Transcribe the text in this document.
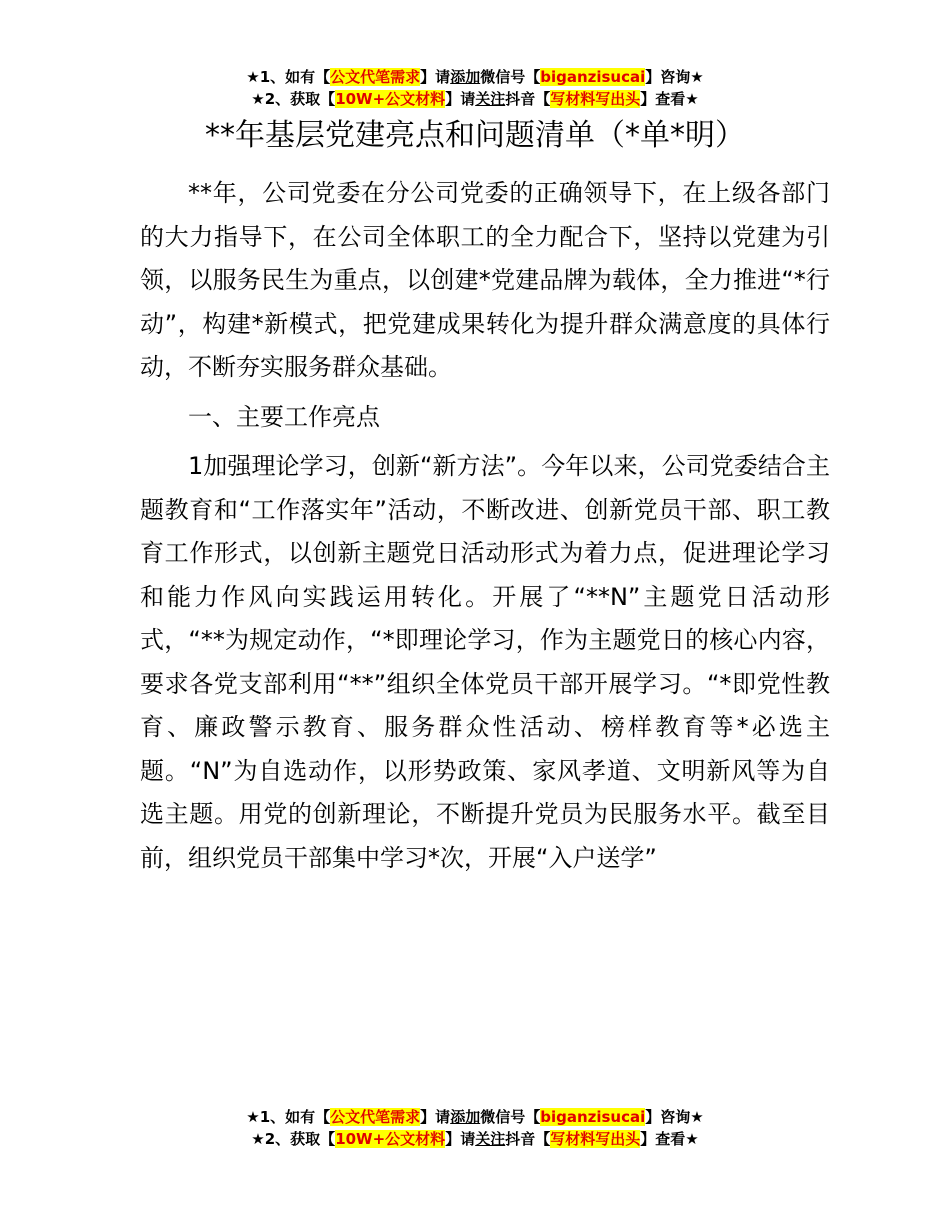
★1、如有【公文代笔需求】请添加微信号【biganzisucai】咨询★
★2、获取【10W+公文材料】请关注抖音【写材料写出头】查看★
**年基层党建亮点和问题清单（*单*明）

**年，公司党委在分公司党委的正确领导下，在上级各部门的大力指导下，在公司全体职工的全力配合下，坚持以党建为引领，以服务民生为重点，以创建*党建品牌为载体，全力推进“*行动”，构建*新模式，把党建成果转化为提升群众满意度的具体行动，不断夯实服务群众基础。

一、主要工作亮点

1加强理论学习，创新“新方法”。今年以来，公司党委结合主题教育和“工作落实年”活动，不断改进、创新党员干部、职工教育工作形式，以创新主题党日活动形式为着力点，促进理论学习和能力作风向实践运用转化。开展了“**N”主题党日活动形式，“**为规定动作，“*即理论学习，作为主题党日的核心内容，要求各党支部利用“**”组织全体党员干部开展学习。“*即党性教育、廉政警示教育、服务群众性活动、榜样教育等*必选主题。“N”为自选动作，以形势政策、家风孝道、文明新风等为自选主题。用党的创新理论，不断提升党员为民服务水平。截至目前，组织党员干部集中学习*次，开展“入户送学”

★1、如有【公文代笔需求】请添加微信号【biganzisucai】咨询★
★2、获取【10W+公文材料】请关注抖音【写材料写出头】查看★
